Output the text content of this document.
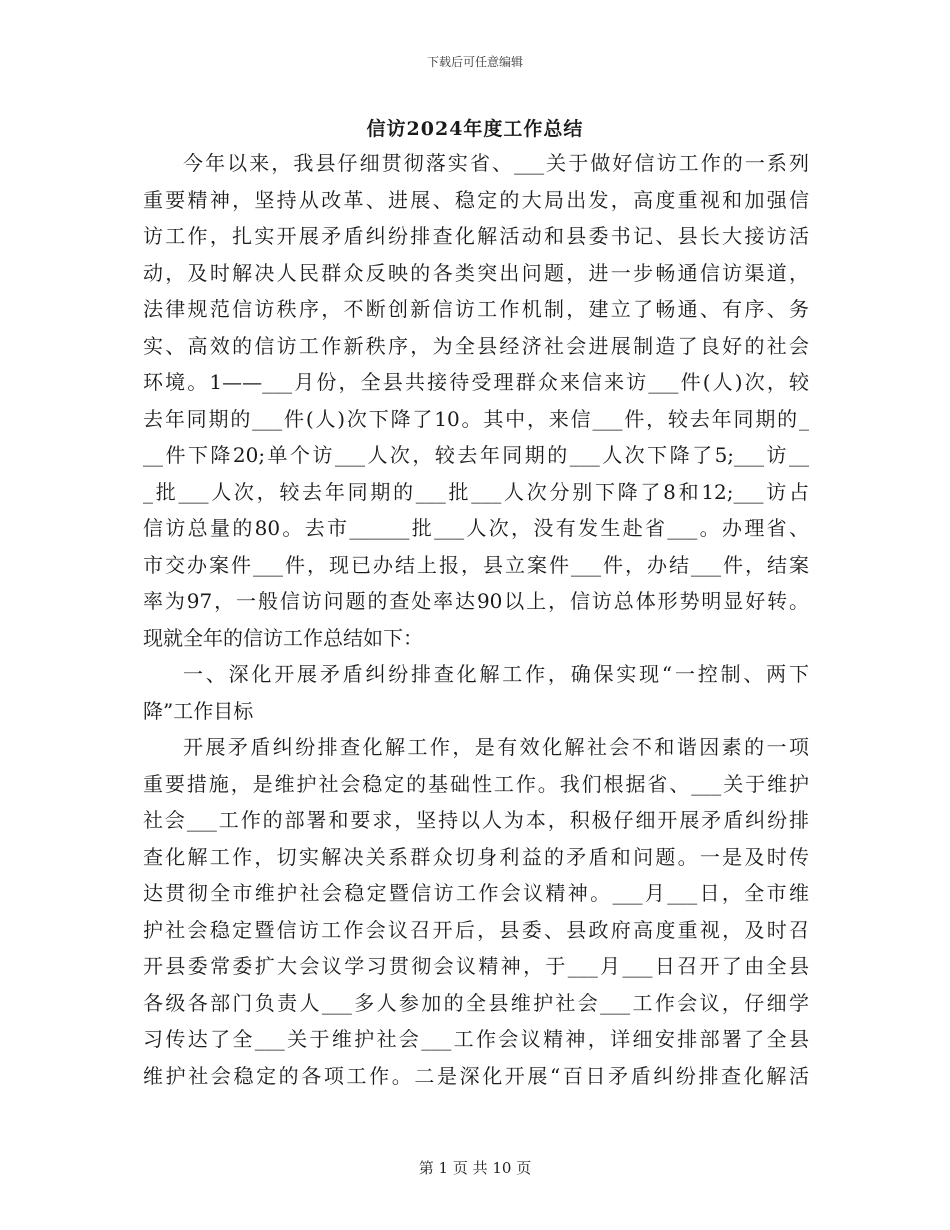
下载后可任意编辑
信访2024年度工作总结
今年以来，我县仔细贯彻落实省、___关于做好信访工作的一系列
重要精神，坚持从改革、进展、稳定的大局出发，高度重视和加强信
访工作，扎实开展矛盾纠纷排查化解活动和县委书记、县长大接访活
动，及时解决人民群众反映的各类突出问题，进一步畅通信访渠道，
法律规范信访秩序，不断创新信访工作机制，建立了畅通、有序、务
实、高效的信访工作新秩序，为全县经济社会进展制造了良好的社会
环境。1——___月份，全县共接待受理群众来信来访___件(人)次，较
去年同期的___件(人)次下降了10。其中，来信___件，较去年同期的_
__件下降20;单个访___人次，较去年同期的___人次下降了5;___访__
_批___人次，较去年同期的___批___人次分别下降了8和12;___访占
信访总量的80。去市______批___人次，没有发生赴省___。办理省、
市交办案件___件，现已办结上报，县立案件___件，办结___件，结案
率为97，一般信访问题的查处率达90以上，信访总体形势明显好转。
现就全年的信访工作总结如下：
一、深化开展矛盾纠纷排查化解工作，确保实现“一控制、两下
降”工作目标
开展矛盾纠纷排查化解工作，是有效化解社会不和谐因素的一项
重要措施，是维护社会稳定的基础性工作。我们根据省、___关于维护
社会___工作的部署和要求，坚持以人为本，积极仔细开展矛盾纠纷排
查化解工作，切实解决关系群众切身利益的矛盾和问题。一是及时传
达贯彻全市维护社会稳定暨信访工作会议精神。___月___日，全市维
护社会稳定暨信访工作会议召开后，县委、县政府高度重视，及时召
开县委常委扩大会议学习贯彻会议精神，于___月___日召开了由全县
各级各部门负责人___多人参加的全县维护社会___工作会议，仔细学
习传达了全___关于维护社会___工作会议精神，详细安排部署了全县
维护社会稳定的各项工作。二是深化开展“百日矛盾纠纷排查化解活
第 1 页 共 10 页
